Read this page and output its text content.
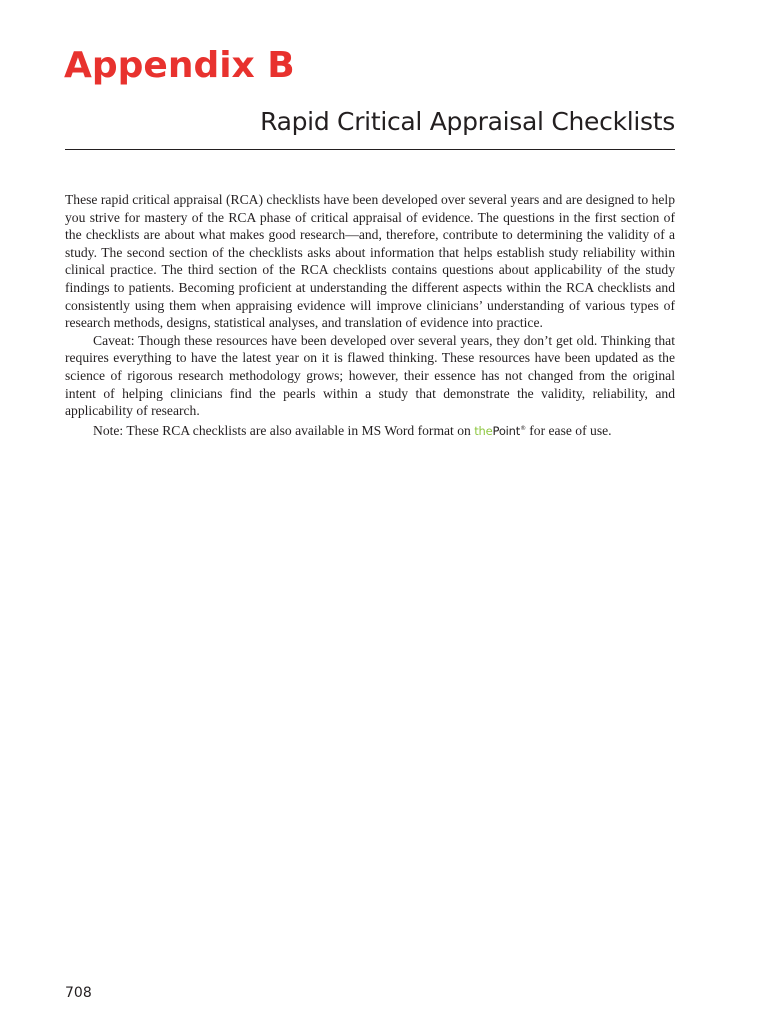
Appendix B
Rapid Critical Appraisal Checklists

These rapid critical appraisal (RCA) checklists have been developed over several years and are designed to help you strive for mastery of the RCA phase of critical appraisal of evidence. The questions in the first section of the checklists are about what makes good research—and, therefore, contribute to determining the validity of a study. The second section of the checklists asks about information that helps establish study reliability within clinical practice. The third section of the RCA checklists contains questions about applicability of the study findings to patients. Becoming proficient at understanding the different aspects within the RCA checklists and consistently using them when appraising evidence will improve clinicians’ understanding of various types of research methods, designs, statistical analyses, and translation of evidence into practice.

Caveat: Though these resources have been developed over several years, they don’t get old. Thinking that requires everything to have the latest year on it is flawed thinking. These resources have been updated as the science of rigorous research methodology grows; however, their essence has not changed from the original intent of helping clinicians find the pearls within a study that demonstrate the validity, reliability, and applicability of research.

Note: These RCA checklists are also available in MS Word format on thePoint® for ease of use.

708
